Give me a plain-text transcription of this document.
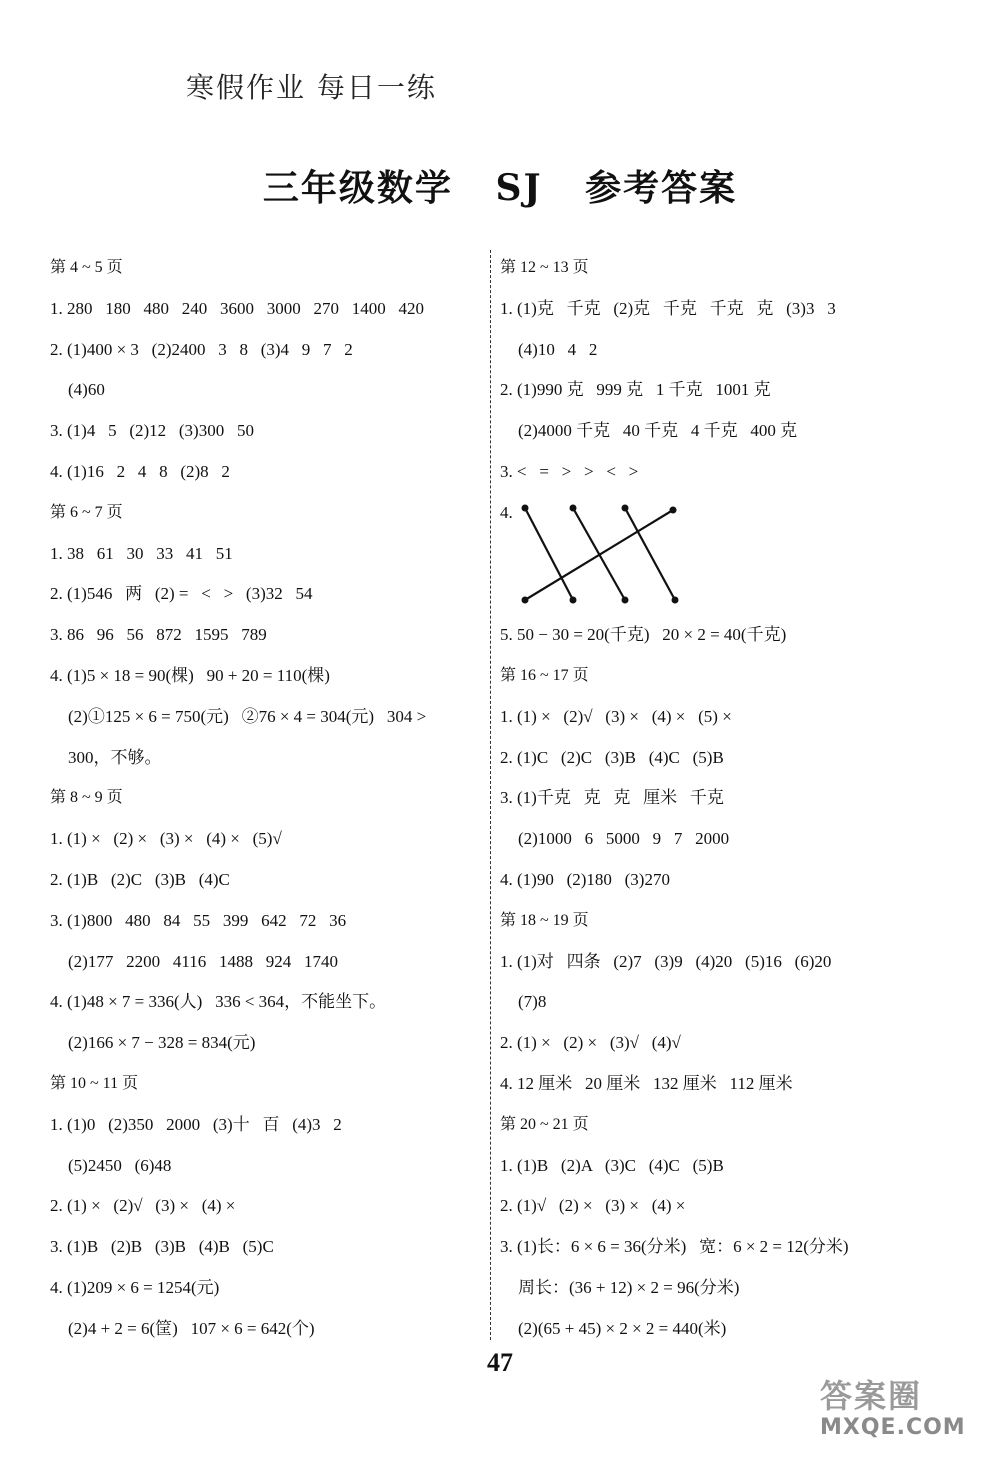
寒假作业 每日一练
三年级数学 SJ 参考答案
第 4 ~ 5 页
1. 280   180   480   240   3600   3000   270   1400   420
2. (1)400 × 3   (2)2400   3   8   (3)4   9   7   2
(4)60
3. (1)4   5   (2)12   (3)300   50
4. (1)16   2   4   8   (2)8   2
第 6 ~ 7 页
1. 38   61   30   33   41   51
2. (1)546   两   (2) =   <   >   (3)32   54
3. 86   96   56   872   1595   789
4. (1)5 × 18 = 90(棵)   90 + 20 = 110(棵)
(2)①125 × 6 = 750(元)   ②76 × 4 = 304(元)   304 >
300，不够。
第 8 ~ 9 页
1. (1) ×   (2) ×   (3) ×   (4) ×   (5)√
2. (1)B   (2)C   (3)B   (4)C
3. (1)800   480   84   55   399   642   72   36
(2)177   2200   4116   1488   924   1740
4. (1)48 × 7 = 336(人)   336 < 364，不能坐下。
(2)166 × 7 − 328 = 834(元)
第 10 ~ 11 页
1. (1)0   (2)350   2000   (3)十   百   (4)3   2
(5)2450   (6)48
2. (1) ×   (2)√   (3) ×   (4) ×
3. (1)B   (2)B   (3)B   (4)B   (5)C
4. (1)209 × 6 = 1254(元)
(2)4 + 2 = 6(筐)   107 × 6 = 642(个)
第 12 ~ 13 页
1. (1)克   千克   (2)克   千克   千克   克   (3)3   3
(4)10   4   2
2. (1)990 克   999 克   1 千克   1001 克
(2)4000 千克   40 千克   4 千克   400 克
3. <   =   >   >   <   >
4.
5. 50 − 30 = 20(千克)   20 × 2 = 40(千克)
第 16 ~ 17 页
1. (1) ×   (2)√   (3) ×   (4) ×   (5) ×
2. (1)C   (2)C   (3)B   (4)C   (5)B
3. (1)千克   克   克   厘米   千克
(2)1000   6   5000   9   7   2000
4. (1)90   (2)180   (3)270
第 18 ~ 19 页
1. (1)对   四条   (2)7   (3)9   (4)20   (5)16   (6)20
(7)8
2. (1) ×   (2) ×   (3)√   (4)√
4. 12 厘米   20 厘米   132 厘米   112 厘米
第 20 ~ 21 页
1. (1)B   (2)A   (3)C   (4)C   (5)B
2. (1)√   (2) ×   (3) ×   (4) ×
3. (1)长：6 × 6 = 36(分米)   宽：6 × 2 = 12(分米)
周长：(36 + 12) × 2 = 96(分米)
(2)(65 + 45) × 2 × 2 = 440(米)
47
答案圈
MXQE.COM
